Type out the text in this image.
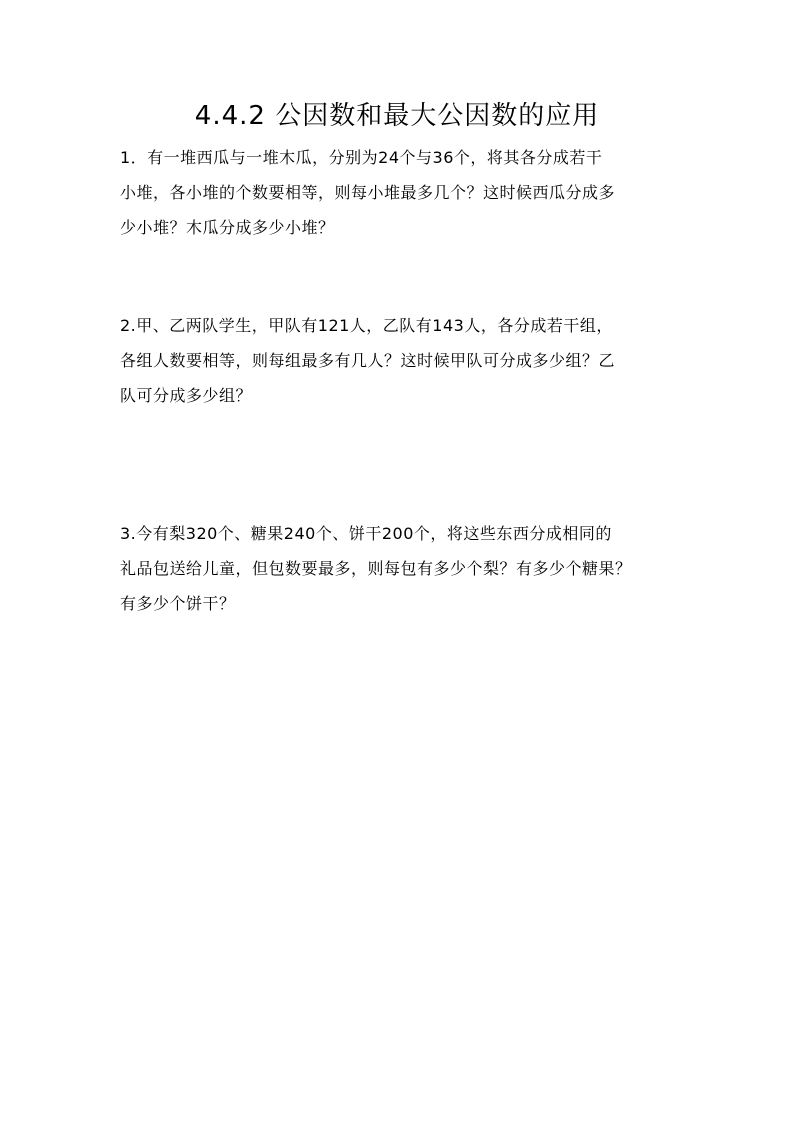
4.4.2 公因数和最大公因数的应用
1．有一堆西瓜与一堆木瓜，分别为24个与36个，将其各分成若干
小堆，各小堆的个数要相等，则每小堆最多几个？这时候西瓜分成多
少小堆？木瓜分成多少小堆？
2.甲、乙两队学生，甲队有121人，乙队有143人，各分成若干组，
各组人数要相等，则每组最多有几人？这时候甲队可分成多少组？乙
队可分成多少组？
3.今有梨320个、糖果240个、饼干200个，将这些东西分成相同的
礼品包送给儿童，但包数要最多，则每包有多少个梨？有多少个糖果？
有多少个饼干？
